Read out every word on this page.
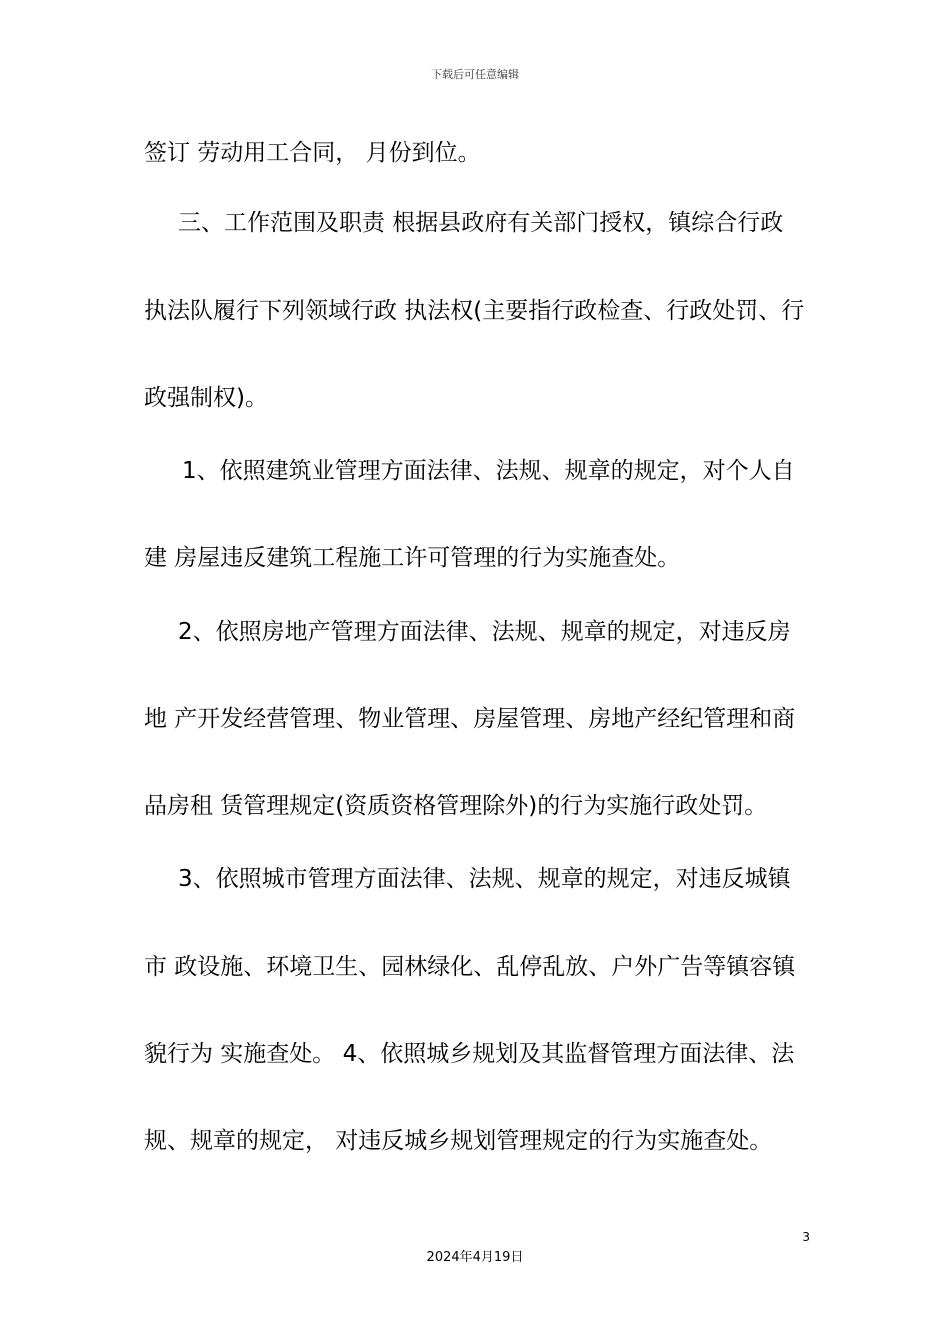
下载后可任意编辑
签订 劳动用工合同， 月份到位。
三、工作范围及职责 根据县政府有关部门授权，镇综合行政
执法队履行下列领域行政 执法权(主要指行政检查、行政处罚、行
政强制权)。
1、依照建筑业管理方面法律、法规、规章的规定，对个人自
建 房屋违反建筑工程施工许可管理的行为实施查处。
2、依照房地产管理方面法律、法规、规章的规定，对违反房
地 产开发经营管理、物业管理、房屋管理、房地产经纪管理和商
品房租 赁管理规定(资质资格管理除外)的行为实施行政处罚。
3、依照城市管理方面法律、法规、规章的规定，对违反城镇
市 政设施、环境卫生、园林绿化、乱停乱放、户外广告等镇容镇
貌行为 实施查处。 4、依照城乡规划及其监督管理方面法律、法
规、规章的规定， 对违反城乡规划管理规定的行为实施查处。
3
2024年4月19日
